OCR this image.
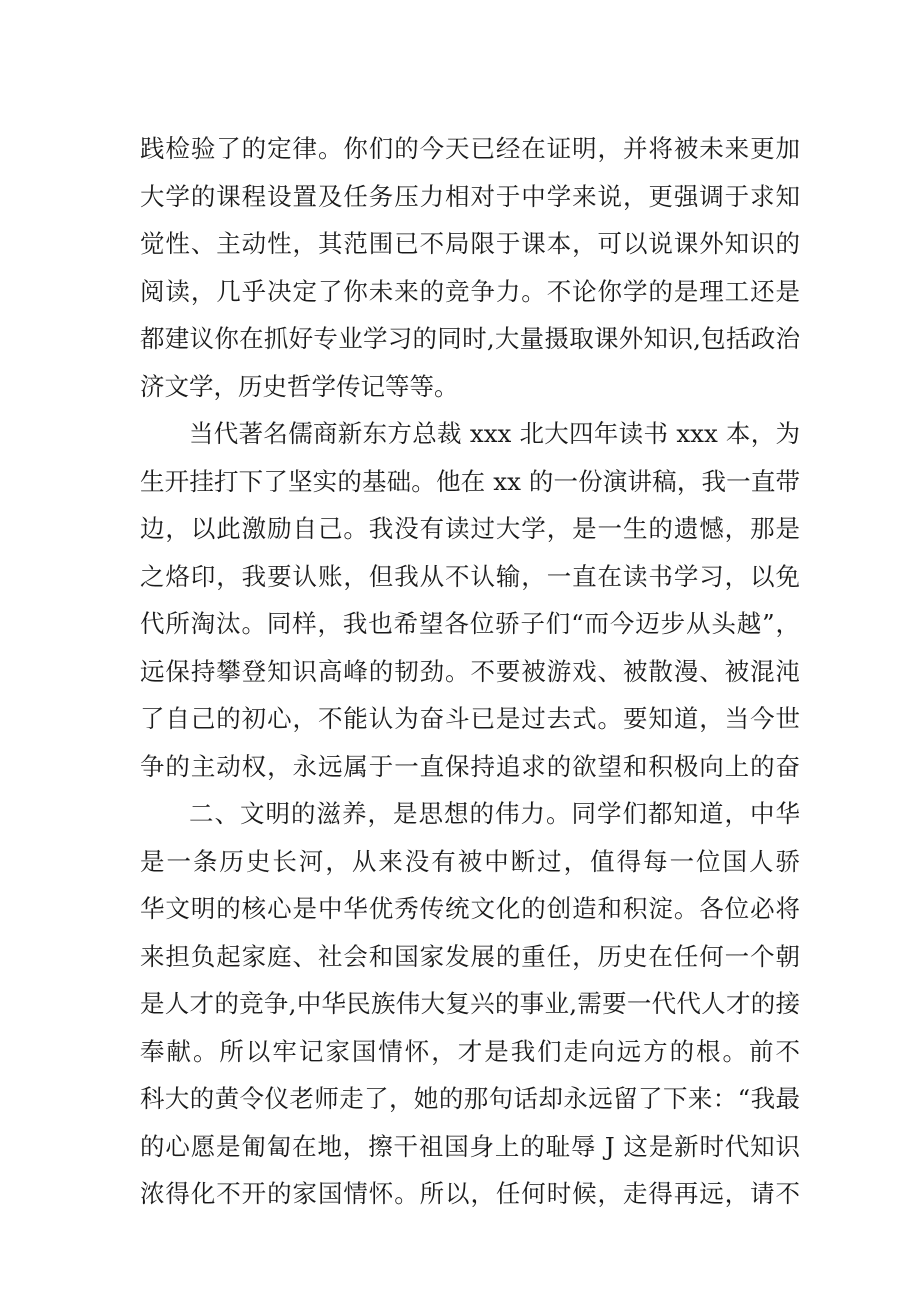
践检验了的定律。你们的今天已经在证明，并将被未来更加
大学的课程设置及任务压力相对于中学来说，更强调于求知
觉性、主动性，其范围已不局限于课本，可以说课外知识的
阅读，几乎决定了你未来的竞争力。不论你学的是理工还是
都建议你在抓好专业学习的同时,大量摄取课外知识,包括政治
济文学，历史哲学传记等等。
当代著名儒商新东方总裁 xxx 北大四年读书 xxx 本，为
生开挂打下了坚实的基础。他在 xx 的一份演讲稿，我一直带
边，以此激励自己。我没有读过大学，是一生的遗憾，那是
之烙印，我要认账，但我从不认输，一直在读书学习，以免
代所淘汰。同样，我也希望各位骄子们“而今迈步从头越”，
远保持攀登知识高峰的韧劲。不要被游戏、被散漫、被混沌
了自己的初心，不能认为奋斗已是过去式。要知道，当今世
争的主动权，永远属于一直保持追求的欲望和积极向上的奋
二、文明的滋养，是思想的伟力。同学们都知道，中华
是一条历史长河，从来没有被中断过，值得每一位国人骄
华文明的核心是中华优秀传统文化的创造和积淀。各位必将
来担负起家庭、社会和国家发展的重任，历史在任何一个朝
是人才的竞争,中华民族伟大复兴的事业,需要一代代人才的接
奉献。所以牢记家国情怀，才是我们走向远方的根。前不
科大的黄令仪老师走了，她的那句话却永远留了下来：“我最
的心愿是匍匐在地，擦干祖国身上的耻辱 J 这是新时代知识
浓得化不开的家国情怀。所以，任何时候，走得再远，请不
